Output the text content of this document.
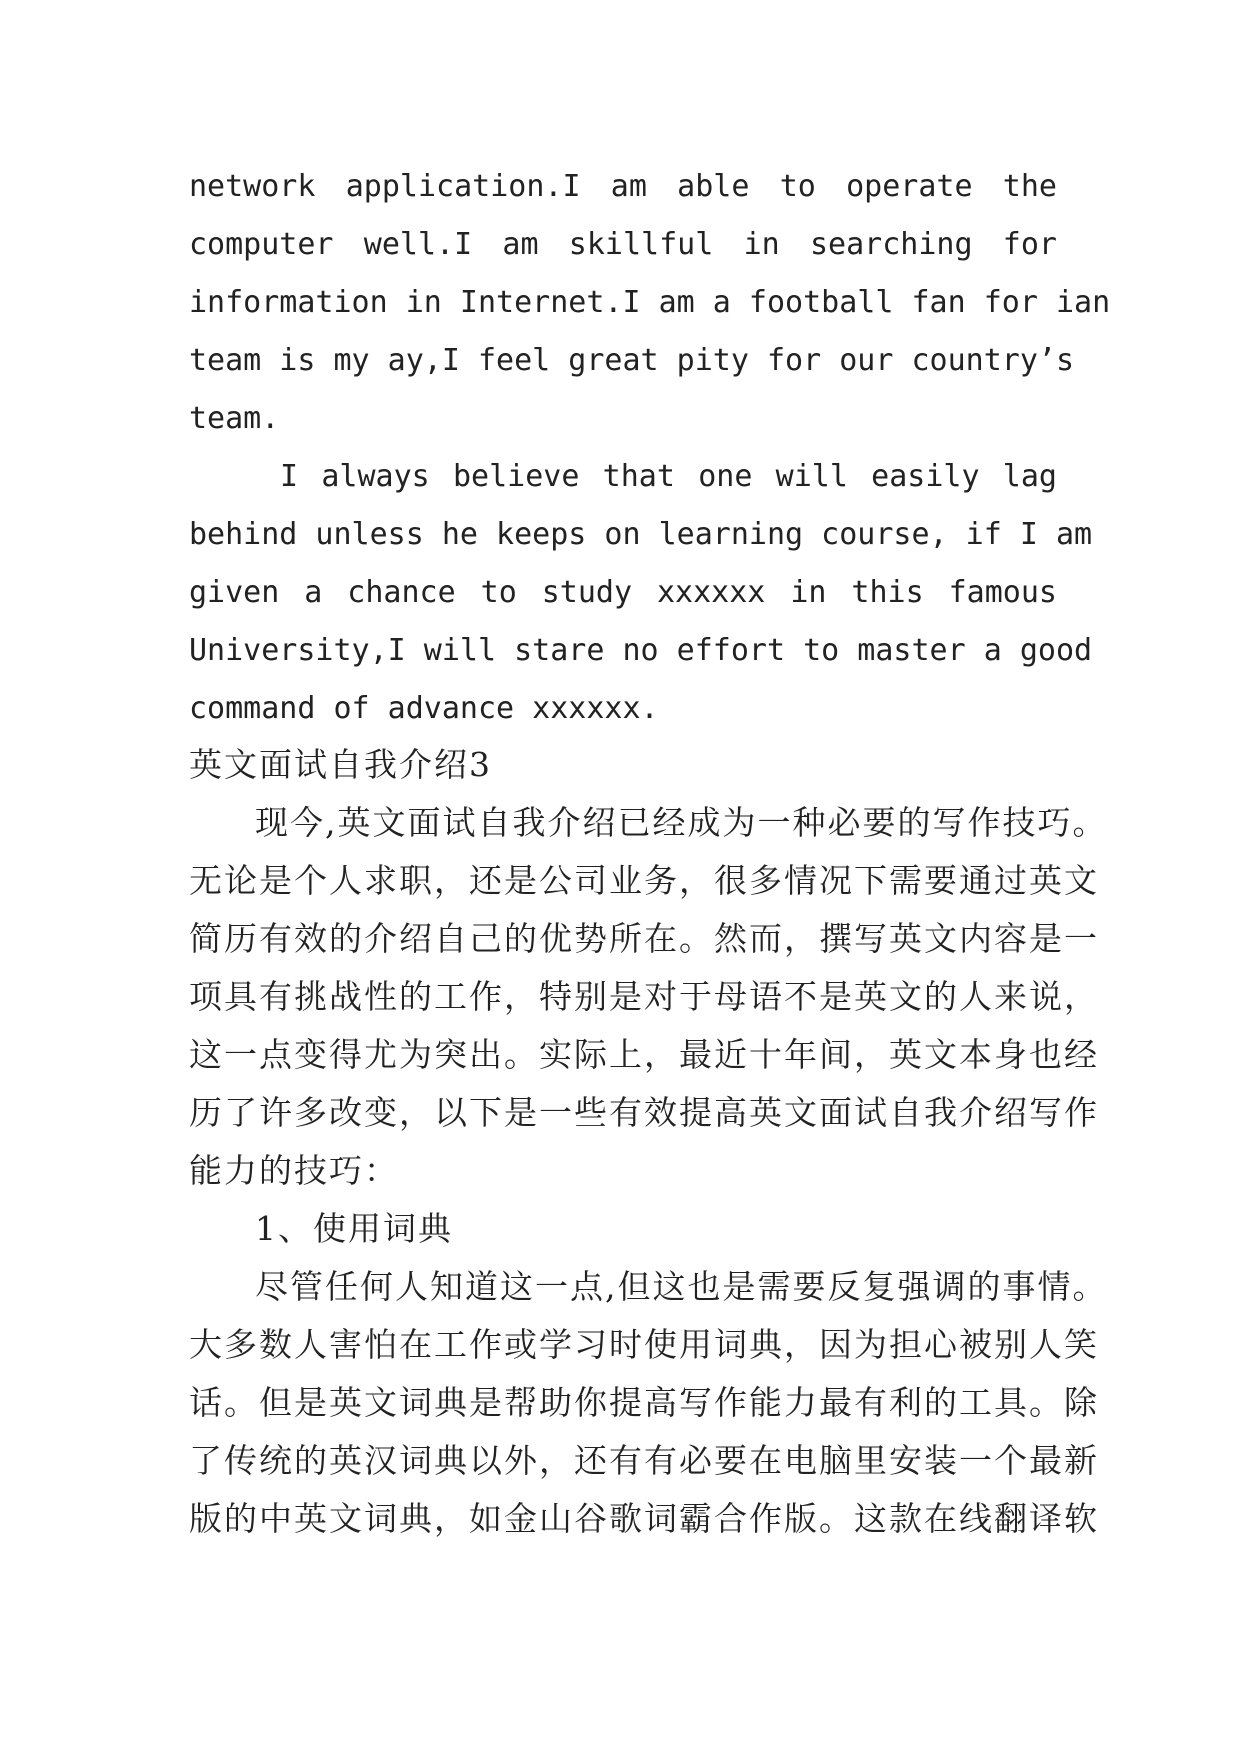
network application.I am able to operate the
computer well.I am skillful in searching for
information in Internet.I am a football fan for ian
team is my ay,I feel great pity for our country’s
team.
I always believe that one will easily lag
behind unless he keeps on learning course, if I am
given a chance to study xxxxxx in this famous
University,I will stare no effort to master a good
command of advance xxxxxx.
英文面试自我介绍3
现今,英文面试自我介绍已经成为一种必要的写作技巧。
无论是个人求职，还是公司业务，很多情况下需要通过英文
简历有效的介绍自己的优势所在。然而，撰写英文内容是一
项具有挑战性的工作，特别是对于母语不是英文的人来说，
这一点变得尤为突出。实际上，最近十年间，英文本身也经
历了许多改变，以下是一些有效提高英文面试自我介绍写作
能力的技巧：
1、使用词典
尽管任何人知道这一点,但这也是需要反复强调的事情。
大多数人害怕在工作或学习时使用词典，因为担心被别人笑
话。但是英文词典是帮助你提高写作能力最有利的工具。除
了传统的英汉词典以外，还有有必要在电脑里安装一个最新
版的中英文词典，如金山谷歌词霸合作版。这款在线翻译软
